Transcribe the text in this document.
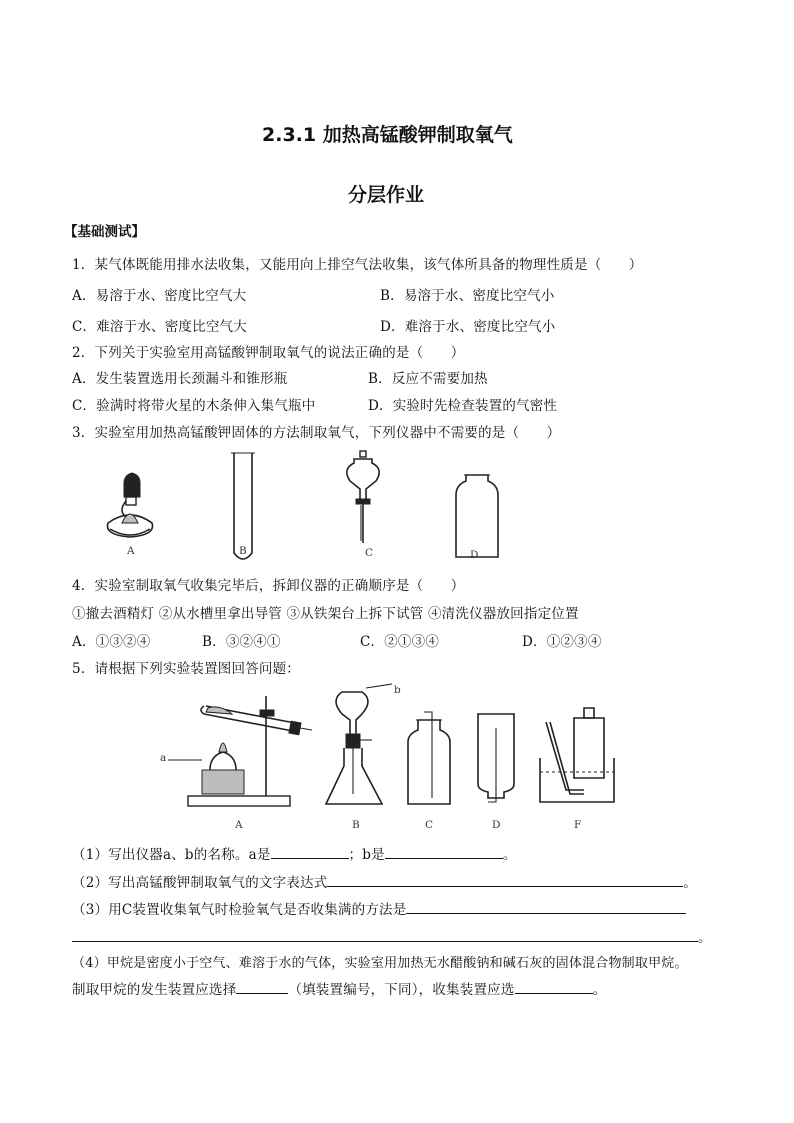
2.3.1 加热高锰酸钾制取氧气
分层作业
【基础测试】
1．某气体既能用排水法收集，又能用向上排空气法收集，该气体所具备的物理性质是（　　）
A．易溶于水、密度比空气大	B．易溶于水、密度比空气小
C．难溶于水、密度比空气大	D．难溶于水、密度比空气小
2．下列关于实验室用高锰酸钾制取氧气的说法正确的是（　　）
A．发生装置选用长颈漏斗和锥形瓶	B．反应不需要加热
C．验满时将带火星的木条伸入集气瓶中	D．实验时先检查装置的气密性
3．实验室用加热高锰酸钾固体的方法制取氧气，下列仪器中不需要的是（　　）
A	B	C	D
4．实验室制取氧气收集完毕后，拆卸仪器的正确顺序是（　　）
①撤去酒精灯 ②从水槽里拿出导管 ③从铁架台上拆下试管 ④清洗仪器放回指定位置
A．①③②④	B．③②④①	C．②①③④	D．①②③④
5．请根据下列实验装置图回答问题：
a
b
A	B	C	D	F
（1）写出仪器a、b的名称。a是	；b是	。
（2）写出高锰酸钾制取氧气的文字表达式	。
（3）用C装置收集氧气时检验氧气是否收集满的方法是
。
（4）甲烷是密度小于空气、难溶于水的气体，实验室用加热无水醋酸钠和碱石灰的固体混合物制取甲烷。
制取甲烷的发生装置应选择	（填装置编号，下同），收集装置应选	。
